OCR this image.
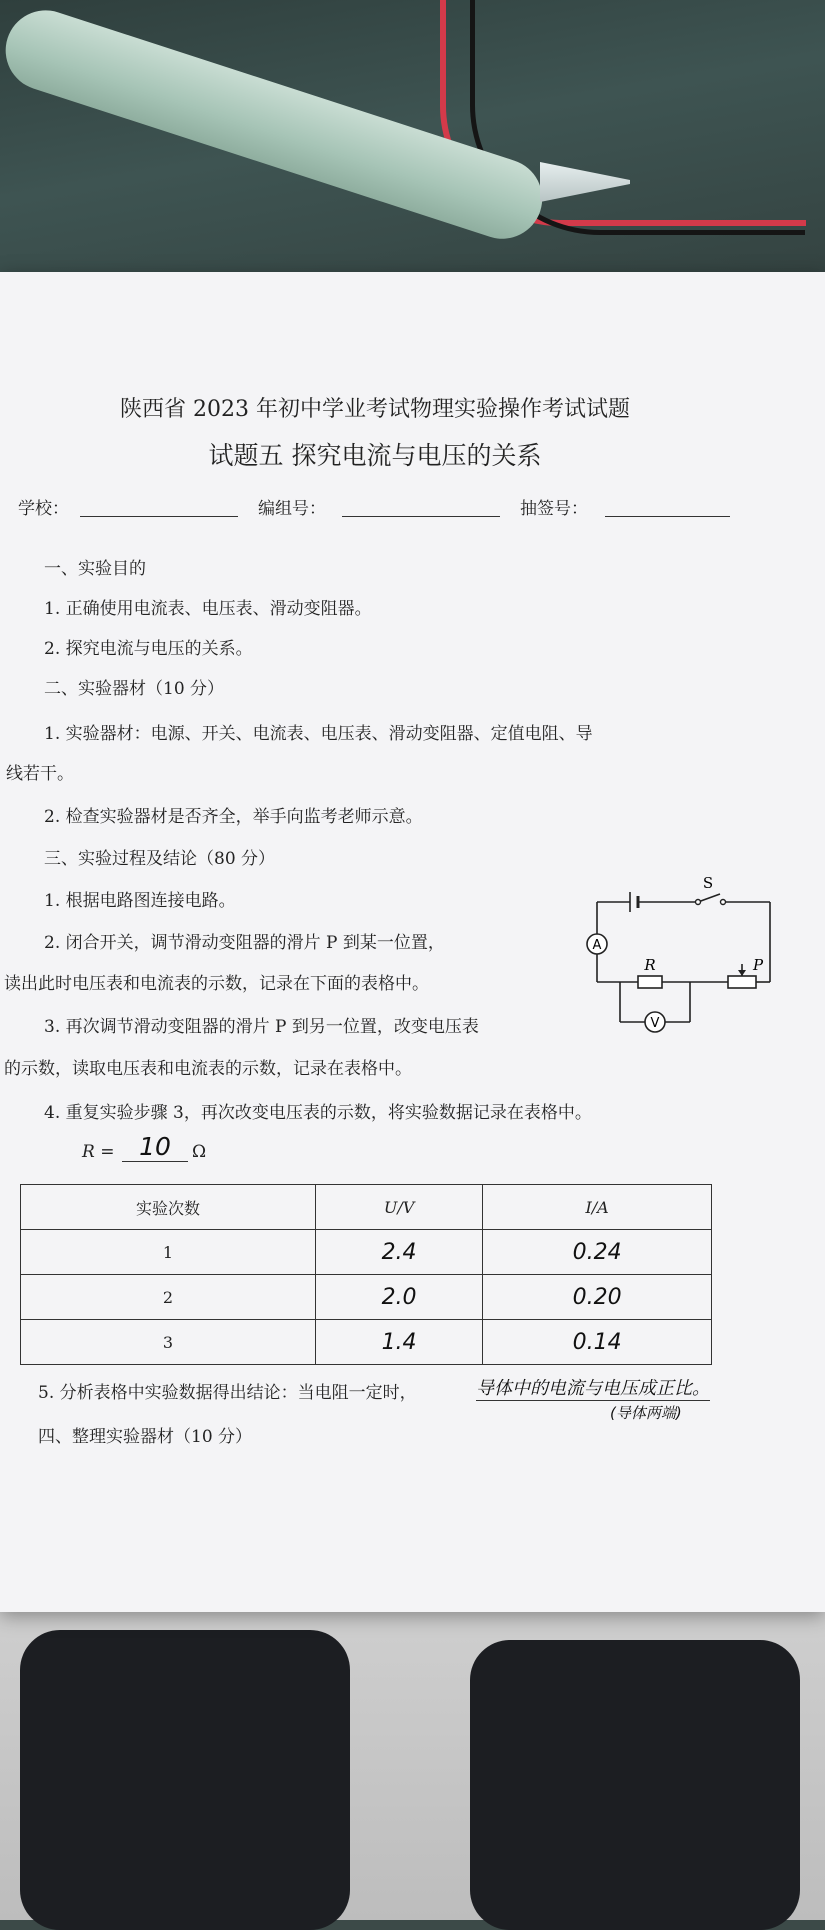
陕西省 2023 年初中学业考试物理实验操作考试试题
试题五 探究电流与电压的关系
学校：	编组号：	抽签号：
一、实验目的
1. 正确使用电流表、电压表、滑动变阻器。
2. 探究电流与电压的关系。
二、实验器材（10 分）
1. 实验器材：电源、开关、电流表、电压表、滑动变阻器、定值电阻、导
线若干。
2. 检查实验器材是否齐全，举手向监考老师示意。
三、实验过程及结论（80 分）
1. 根据电路图连接电路。
2. 闭合开关，调节滑动变阻器的滑片 P 到某一位置，
读出此时电压表和电流表的示数，记录在下面的表格中。
3. 再次调节滑动变阻器的滑片 P 到另一位置，改变电压表
的示数，读取电压表和电流表的示数，记录在表格中。
4. 重复实验步骤 3，再次改变电压表的示数，将实验数据记录在表格中。
R = 10	Ω
实验次数	U/V	I/A
1	2.4	0.24
2	2.0	0.20
3	1.4	0.14
5. 分析表格中实验数据得出结论：当电阻一定时，	导体中的电流与电压成正比。
(导体两端)
四、整理实验器材（10 分）
A
V
S
R	P
